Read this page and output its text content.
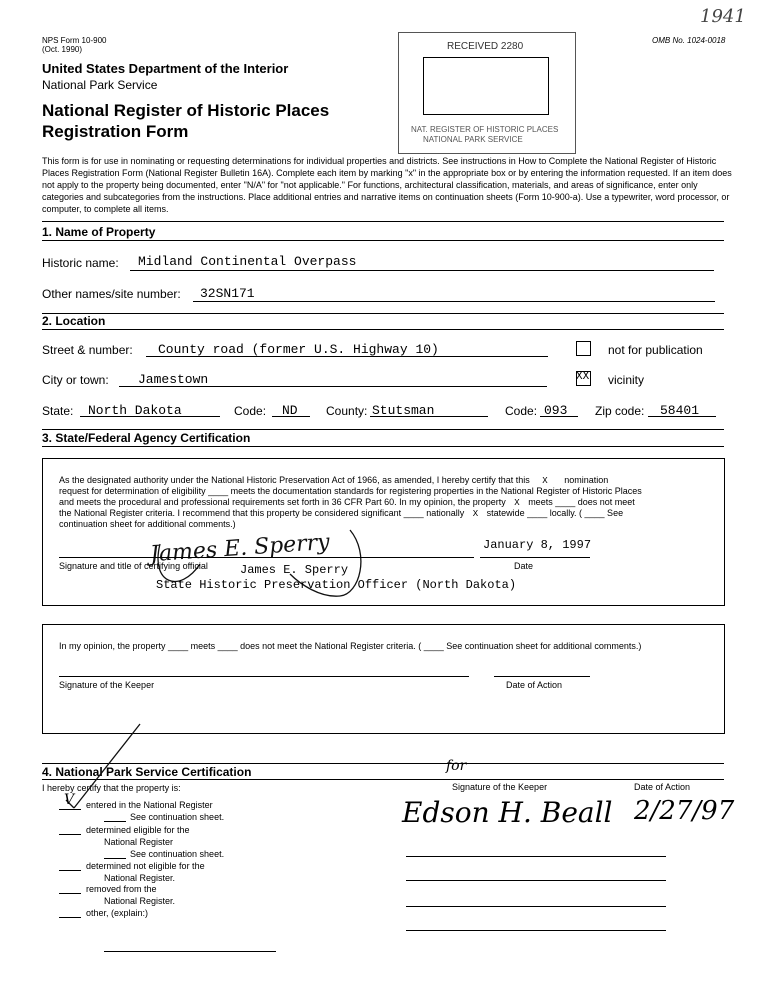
NPS Form 10-900
(Oct. 1990)
OMB No. 1024-0018
1941
United States Department of the Interior
National Park Service
National Register of Historic Places
Registration Form
RECEIVED 2280
NAT. REGISTER OF HISTORIC PLACES
NATIONAL PARK SERVICE
This form is for use in nominating or requesting determinations for individual properties and districts. See instructions in How to Complete the National Register of Historic Places Registration Form (National Register Bulletin 16A). Complete each item by marking "x" in the appropriate box or by entering the information requested. If an item does not apply to the property being documented, enter "N/A" for "not applicable." For functions, architectural classification, materials, and areas of significance, enter only categories and subcategories from the instructions. Place additional entries and narrative items on continuation sheets (Form 10-900-a). Use a typewriter, word processor, or computer, to complete all items.
1. Name of Property
Historic name: Midland Continental Overpass
Other names/site number: 32SN171
2. Location
Street & number: County road (former U.S. Highway 10)	not for publication
City or town: Jamestown	XX vicinity
State: North Dakota	Code: ND County: Stutsman	Code: 093 Zip code: 58401
3. State/Federal Agency Certification
As the designated authority under the National Historic Preservation Act of 1966, as amended, I hereby certify that this X nomination
request for determination of eligibility ____ meets the documentation standards for registering properties in the National Register of Historic Places
and meets the procedural and professional requirements set forth in 36 CFR Part 60. In my opinion, the property X meets ____ does not meet
the National Register criteria. I recommend that this property be considered significant ____ nationally X statewide ____ locally. ( ____ See
continuation sheet for additional comments.)
James E. Sperry	January 8, 1997
Signature and title of certifying official	James E. Sperry	Date
State Historic Preservation Officer (North Dakota)
In my opinion, the property ____ meets ____ does not meet the National Register criteria. ( ____ See continuation sheet for additional comments.)
Signature of the Keeper	Date of Action
4. National Park Service Certification
I hereby certify that the property is:
V entered in the National Register
See continuation sheet.
determined eligible for the
National Register
See continuation sheet.
determined not eligible for the
National Register.
removed from the
National Register.
other, (explain:)
for
Signature of the Keeper	Date of Action
Edson H. Beall 2/27/97
